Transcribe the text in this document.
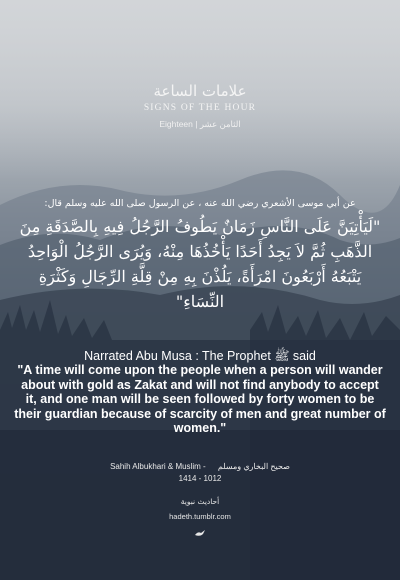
علامات الساعة
SIGNS OF THE HOUR
Eighteen | الثامن عشر
عن أبي موسى الأشعري رضي الله عنه ، عن الرسول صلى الله عليه وسلم قال:
"لَيَأْتِيَنَّ عَلَى النَّاسِ زَمَانٌ يَطُوفُ الرَّجُلُ فِيهِ بِالصَّدَقَةِ مِنَ الذَّهَبِ ثُمَّ لاَ يَجِدُ أَحَدًا يَأْخُذُهَا مِنْهُ، وَيُرَى الرَّجُلُ الْوَاحِدُ يَتْبَعُهُ أَرْبَعُونَ امْرَأَةً، يَلُذْنَ بِهِ مِنْ قِلَّةِ الرِّجَالِ وَكَثْرَةِ النِّسَاءِ"
Narrated Abu Musa : The Prophet ﷺ said
"A time will come upon the people when a person will wander about with gold as Zakat and will not find anybody to accept it, and one man will be seen followed by forty women to be their guardian because of scarcity of men and great number of women."
Sahih Albukhari & Muslim - صحيح البخاري ومسلم
1414 - 1012
أحاديث نبوية
hadeth.tumblr.com
